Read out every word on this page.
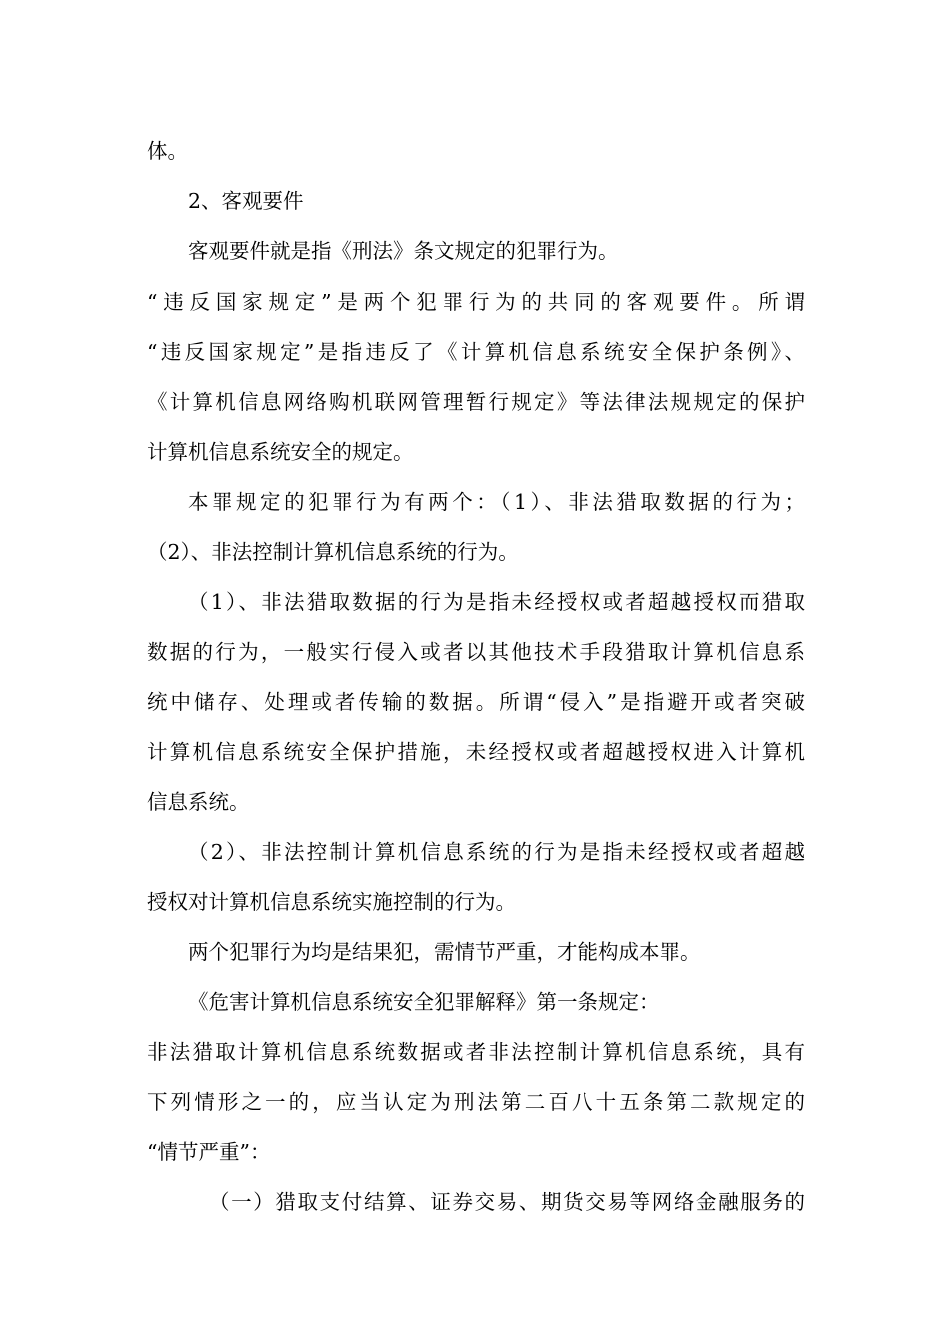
体。
2、客观要件
客观要件就是指《刑法》条文规定的犯罪行为。
“违反国家规定”是两个犯罪行为的共同的客观要件。所谓
“违反国家规定”是指违反了《计算机信息系统安全保护条例》、
《计算机信息网络购机联网管理暂行规定》等法律法规规定的保护
计算机信息系统安全的规定。
本罪规定的犯罪行为有两个：（1）、非法猎取数据的行为；
（2）、非法控制计算机信息系统的行为。
（1）、非法猎取数据的行为是指未经授权或者超越授权而猎取
数据的行为，一般实行侵入或者以其他技术手段猎取计算机信息系
统中储存、处理或者传输的数据。所谓“侵入”是指避开或者突破
计算机信息系统安全保护措施，未经授权或者超越授权进入计算机
信息系统。
（2）、非法控制计算机信息系统的行为是指未经授权或者超越
授权对计算机信息系统实施控制的行为。
两个犯罪行为均是结果犯，需情节严重，才能构成本罪。
《危害计算机信息系统安全犯罪解释》第一条规定：
非法猎取计算机信息系统数据或者非法控制计算机信息系统，具有
下列情形之一的，应当认定为刑法第二百八十五条第二款规定的
“情节严重”：
（一）猎取支付结算、证券交易、期货交易等网络金融服务的
